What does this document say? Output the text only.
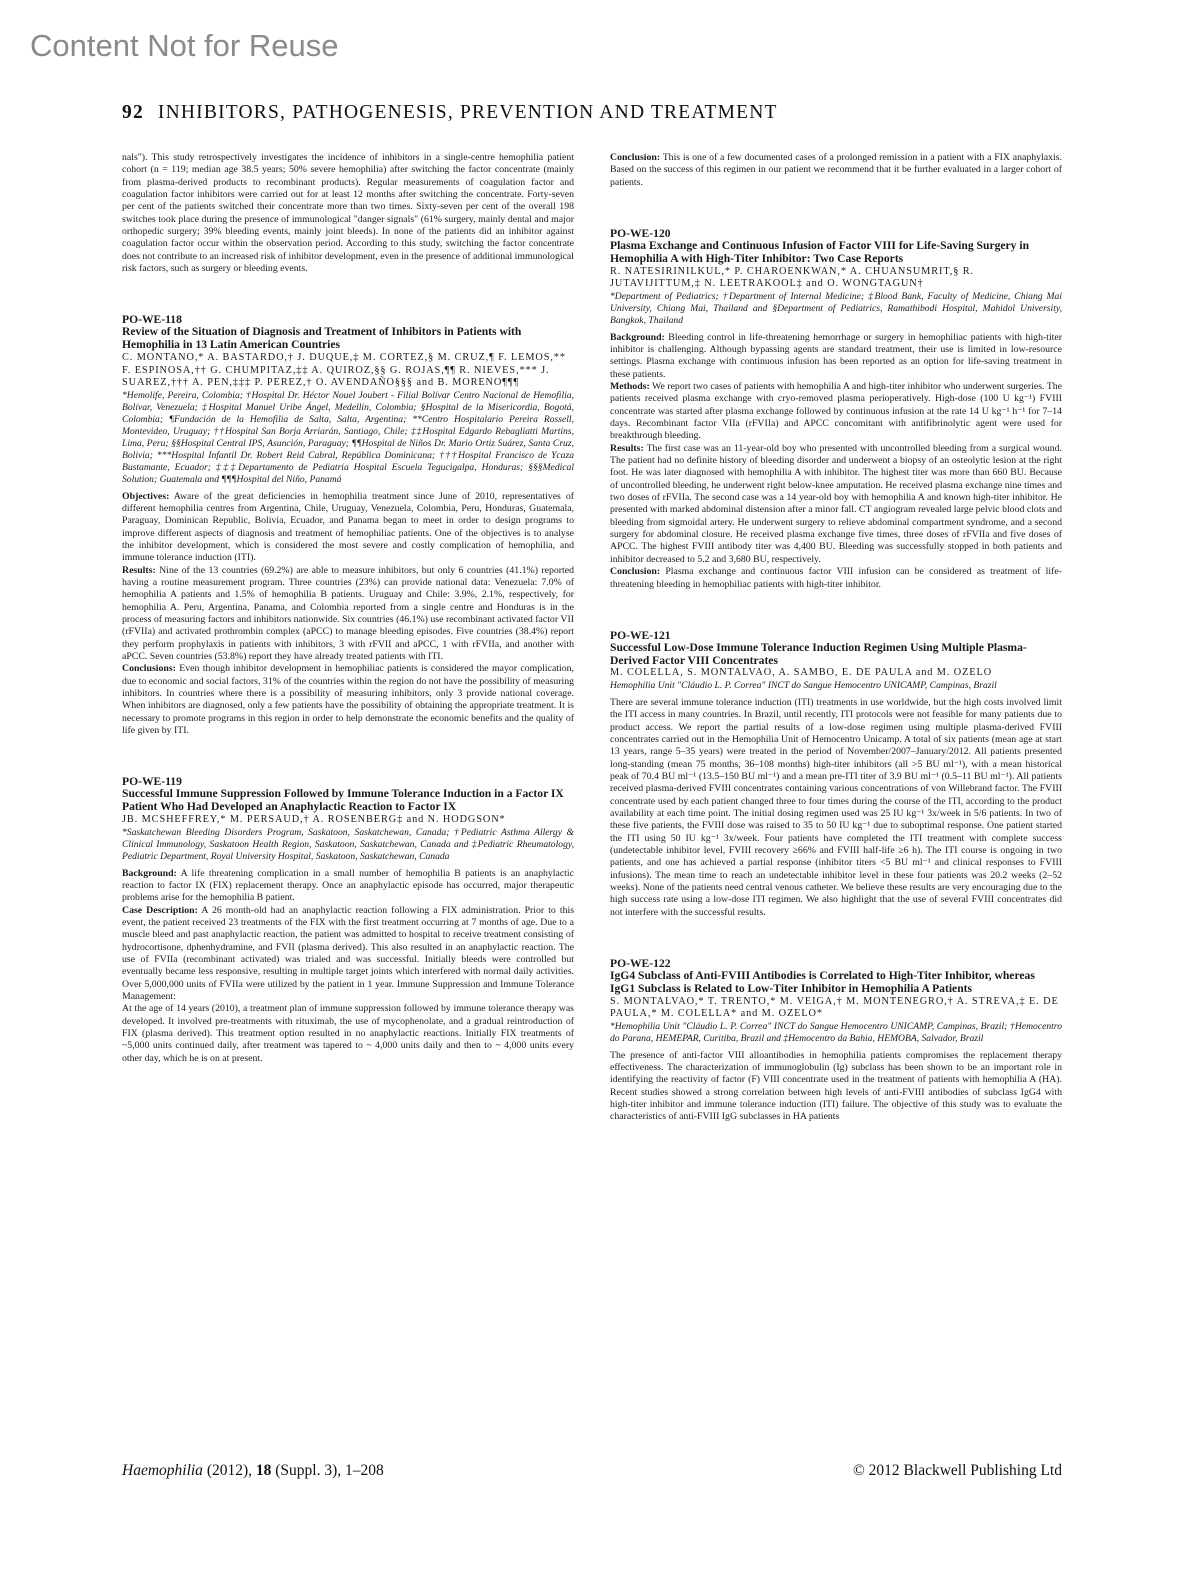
Content Not for Reuse
92 INHIBITORS, PATHOGENESIS, PREVENTION AND TREATMENT

nals"). This study retrospectively investigates the incidence of inhibitors in a single-centre hemophilia patient cohort (n = 119; median age 38.5 years; 50% severe hemophilia) after switching the factor concentrate (mainly from plasma-derived products to recombinant products). Regular measurements of coagulation factor and coagulation factor inhibitors were carried out for at least 12 months after switching the concentrate. Forty-seven per cent of the patients switched their concentrate more than two times. Sixty-seven per cent of the overall 198 switches took place during the presence of immunological "danger signals" (61% surgery, mainly dental and major orthopedic surgery; 39% bleeding events, mainly joint bleeds). In none of the patients did an inhibitor against coagulation factor occur within the observation period. According to this study, switching the factor concentrate does not contribute to an increased risk of inhibitor development, even in the presence of additional immunological risk factors, such as surgery or bleeding events.

PO-WE-118

Review of the Situation of Diagnosis and Treatment of Inhibitors in Patients with Hemophilia in 13 Latin American Countries

C. MONTANO,* A. BASTARDO,† J. DUQUE,‡ M. CORTEZ,§ M. CRUZ,¶ F. LEMOS,** F. ESPINOSA,†† G. CHUMPITAZ,‡‡ A. QUIROZ,§§ G. ROJAS,¶¶ R. NIEVES,*** J. SUAREZ,††† A. PEN,‡‡‡ P. PEREZ,† O. AVENDAÑO§§§ and B. MORENO¶¶¶

*Hemolife, Pereira, Colombia; †Hospital Dr. Héctor Nouel Joubert - Filial Bolívar Centro Nacional de Hemofilia, Bolívar, Venezuela; ‡Hospital Manuel Uribe Ángel, Medellín, Colombia; §Hospital de la Misericordia, Bogotá, Colombia; ¶Fundación de la Hemofilia de Salta, Salta, Argentina; **Centro Hospitalario Pereira Rossell, Montevideo, Uruguay; ††Hospital San Borja Arriarán, Santiago, Chile; ‡‡Hospital Edgardo Rebagliatti Martins, Lima, Peru; §§Hospital Central IPS, Asunción, Paraguay; ¶¶Hospital de Niños Dr. Mario Ortiz Suárez, Santa Cruz, Bolivia; ***Hospital Infantil Dr. Robert Reid Cabral, República Dominicana; †††Hospital Francisco de Ycaza Bustamante, Ecuador; ‡‡‡Departamento de Pediatría Hospital Escuela Tegucigalpa, Honduras; §§§Medical Solution; Guatemala and ¶¶¶Hospital del Niño, Panamá

Objectives: Aware of the great deficiencies in hemophilia treatment since June of 2010, representatives of different hemophilia centres from Argentina, Chile, Uruguay, Venezuela, Colombia, Peru, Honduras, Guatemala, Paraguay, Dominican Republic, Bolivia, Ecuador, and Panama began to meet in order to design programs to improve different aspects of diagnosis and treatment of hemophiliac patients. One of the objectives is to analyse the inhibitor development, which is considered the most severe and costly complication of hemophilia, and immune tolerance induction (ITI).

Results: Nine of the 13 countries (69.2%) are able to measure inhibitors, but only 6 countries (41.1%) reported having a routine measurement program. Three countries (23%) can provide national data: Venezuela: 7.0% of hemophilia A patients and 1.5% of hemophilia B patients. Uruguay and Chile: 3.9%, 2.1%, respectively, for hemophilia A. Peru, Argentina, Panama, and Colombia reported from a single centre and Honduras is in the process of measuring factors and inhibitors nationwide. Six countries (46.1%) use recombinant activated factor VII (rFVIIa) and activated prothrombin complex (aPCC) to manage bleeding episodes. Five countries (38.4%) report they perform prophylaxis in patients with inhibitors, 3 with rFVII and aPCC, 1 with rFVIIa, and another with aPCC. Seven countries (53.8%) report they have already treated patients with ITI.

Conclusions: Even though inhibitor development in hemophiliac patients is considered the mayor complication, due to economic and social factors, 31% of the countries within the region do not have the possibility of measuring inhibitors. In countries where there is a possibility of measuring inhibitors, only 3 provide national coverage. When inhibitors are diagnosed, only a few patients have the possibility of obtaining the appropriate treatment. It is necessary to promote programs in this region in order to help demonstrate the economic benefits and the quality of life given by ITI.

PO-WE-119

Successful Immune Suppression Followed by Immune Tolerance Induction in a Factor IX Patient Who Had Developed an Anaphylactic Reaction to Factor IX

JB. MCSHEFFREY,* M. PERSAUD,† A. ROSENBERG‡ and N. HODGSON*

*Saskatchewan Bleeding Disorders Program, Saskatoon, Saskatchewan, Canada; †Pediatric Asthma Allergy & Clinical Immunology, Saskatoon Health Region, Saskatoon, Saskatchewan, Canada and ‡Pediatric Rheumatology, Pediatric Department, Royal University Hospital, Saskatoon, Saskatchewan, Canada

Background: A life threatening complication in a small number of hemophilia B patients is an anaphylactic reaction to factor IX (FIX) replacement therapy. Once an anaphylactic episode has occurred, major therapeutic problems arise for the hemophilia B patient.

Case Description: A 26 month-old had an anaphylactic reaction following a FIX administration. Prior to this event, the patient received 23 treatments of the FIX with the first treatment occurring at 7 months of age. Due to a muscle bleed and past anaphylactic reaction, the patient was admitted to hospital to receive treatment consisting of hydrocortisone, dphenhydramine, and FVII (plasma derived). This also resulted in an anaphylactic reaction. The use of FVIIa (recombinant activated) was trialed and was successful. Initially bleeds were controlled but eventually became less responsive, resulting in multiple target joints which interfered with normal daily activities. Over 5,000,000 units of FVIIa were utilized by the patient in 1 year. Immune Suppression and Immune Tolerance Management:

At the age of 14 years (2010), a treatment plan of immune suppression followed by immune tolerance therapy was developed. It involved pre-treatments with rituximab, the use of mycophenolate, and a gradual reintroduction of FIX (plasma derived). This treatment option resulted in no anaphylactic reactions. Initially FIX treatments of ~5,000 units continued daily, after treatment was tapered to ~ 4,000 units daily and then to ~ 4,000 units every other day, which he is on at present.

Conclusion: This is one of a few documented cases of a prolonged remission in a patient with a FIX anaphylaxis. Based on the success of this regimen in our patient we recommend that it be further evaluated in a larger cohort of patients.

PO-WE-120

Plasma Exchange and Continuous Infusion of Factor VIII for Life-Saving Surgery in Hemophilia A with High-Titer Inhibitor: Two Case Reports

R. NATESIRINILKUL,* P. CHAROENKWAN,* A. CHUANSUMRIT,§ R. JUTAVIJITTUM,‡ N. LEETRAKOOL‡ and O. WONGTAGUN†

*Department of Pediatrics; †Department of Internal Medicine; ‡Blood Bank, Faculty of Medicine, Chiang Mai University, Chiang Mai, Thailand and §Department of Pediatrics, Ramathibodi Hospital, Mahidol University, Bangkok, Thailand

Background: Bleeding control in life-threatening hemorrhage or surgery in hemophiliac patients with high-titer inhibitor is challenging. Although bypassing agents are standard treatment, their use is limited in low-resource settings. Plasma exchange with continuous infusion has been reported as an option for life-saving treatment in these patients.

Methods: We report two cases of patients with hemophilia A and high-titer inhibitor who underwent surgeries. The patients received plasma exchange with cryo-removed plasma perioperatively. High-dose (100 U kg⁻¹) FVIII concentrate was started after plasma exchange followed by continuous infusion at the rate 14 U kg⁻¹ h⁻¹ for 7–14 days. Recombinant factor VIIa (rFVIIa) and APCC concomitant with antifibrinolytic agent were used for breakthrough bleeding.

Results: The first case was an 11-year-old boy who presented with uncontrolled bleeding from a surgical wound. The patient had no definite history of bleeding disorder and underwent a biopsy of an osteolytic lesion at the right foot. He was later diagnosed with hemophilia A with inhibitor. The highest titer was more than 660 BU. Because of uncontrolled bleeding, he underwent right below-knee amputation. He received plasma exchange nine times and two doses of rFVIIa. The second case was a 14 year-old boy with hemophilia A and known high-titer inhibitor. He presented with marked abdominal distension after a minor fall. CT angiogram revealed large pelvic blood clots and bleeding from sigmoidal artery. He underwent surgery to relieve abdominal compartment syndrome, and a second surgery for abdominal closure. He received plasma exchange five times, three doses of rFVIIa and five doses of APCC. The highest FVIII antibody titer was 4,400 BU. Bleeding was successfully stopped in both patients and inhibitor decreased to 5.2 and 3,680 BU, respectively.

Conclusion: Plasma exchange and continuous factor VIII infusion can be considered as treatment of life-threatening bleeding in hemophiliac patients with high-titer inhibitor.

PO-WE-121

Successful Low-Dose Immune Tolerance Induction Regimen Using Multiple Plasma-Derived Factor VIII Concentrates

M. COLELLA, S. MONTALVAO, A. SAMBO, E. DE PAULA and M. OZELO

Hemophilia Unit "Cláudio L. P. Correa" INCT do Sangue Hemocentro UNICAMP, Campinas, Brazil

There are several immune tolerance induction (ITI) treatments in use worldwide, but the high costs involved limit the ITI access in many countries. In Brazil, until recently, ITI protocols were not feasible for many patients due to product access. We report the partial results of a low-dose regimen using multiple plasma-derived FVIII concentrates carried out in the Hemophilia Unit of Hemocentro Unicamp. A total of six patients (mean age at start 13 years, range 5–35 years) were treated in the period of November/2007–January/2012. All patients presented long-standing (mean 75 months, 36–108 months) high-titer inhibitors (all >5 BU ml⁻¹), with a mean historical peak of 70.4 BU ml⁻¹ (13.5–150 BU ml⁻¹) and a mean pre-ITI titer of 3.9 BU ml⁻¹ (0.5–11 BU ml⁻¹). All patients received plasma-derived FVIII concentrates containing various concentrations of von Willebrand factor. The FVIII concentrate used by each patient changed three to four times during the course of the ITI, according to the product availability at each time point. The initial dosing regimen used was 25 IU kg⁻¹ 3x/week in 5/6 patients. In two of these five patients, the FVIII dose was raised to 35 to 50 IU kg⁻¹ due to suboptimal response. One patient started the ITI using 50 IU kg⁻¹ 3x/week. Four patients have completed the ITI treatment with complete success (undetectable inhibitor level, FVIII recovery ≥66% and FVIII half-life ≥6 h). The ITI course is ongoing in two patients, and one has achieved a partial response (inhibitor titers <5 BU ml⁻¹ and clinical responses to FVIII infusions). The mean time to reach an undetectable inhibitor level in these four patients was 20.2 weeks (2–52 weeks). None of the patients need central venous catheter. We believe these results are very encouraging due to the high success rate using a low-dose ITI regimen. We also highlight that the use of several FVIII concentrates did not interfere with the successful results.

PO-WE-122

IgG4 Subclass of Anti-FVIII Antibodies is Correlated to High-Titer Inhibitor, whereas IgG1 Subclass is Related to Low-Titer Inhibitor in Hemophilia A Patients

S. MONTALVAO,* T. TRENTO,* M. VEIGA,† M. MONTENEGRO,† A. STREVA,‡ E. DE PAULA,* M. COLELLA* and M. OZELO*

*Hemophilia Unit "Cláudio L. P. Correa" INCT do Sangue Hemocentro UNICAMP, Campinas, Brazil; †Hemocentro do Parana, HEMEPAR, Curitiba, Brazil and ‡Hemocentro da Bahia, HEMOBA, Salvador, Brazil

The presence of anti-factor VIII alloantibodies in hemophilia patients compromises the replacement therapy effectiveness. The characterization of immunoglobulin (Ig) subclass has been shown to be an important role in identifying the reactivity of factor (F) VIII concentrate used in the treatment of patients with hemophilia A (HA). Recent studies showed a strong correlation between high levels of anti-FVIII antibodies of subclass IgG4 with high-titer inhibitor and immune tolerance induction (ITI) failure. The objective of this study was to evaluate the characteristics of anti-FVIII IgG subclasses in HA patients

Haemophilia (2012), 18 (Suppl. 3), 1–208	© 2012 Blackwell Publishing Ltd
